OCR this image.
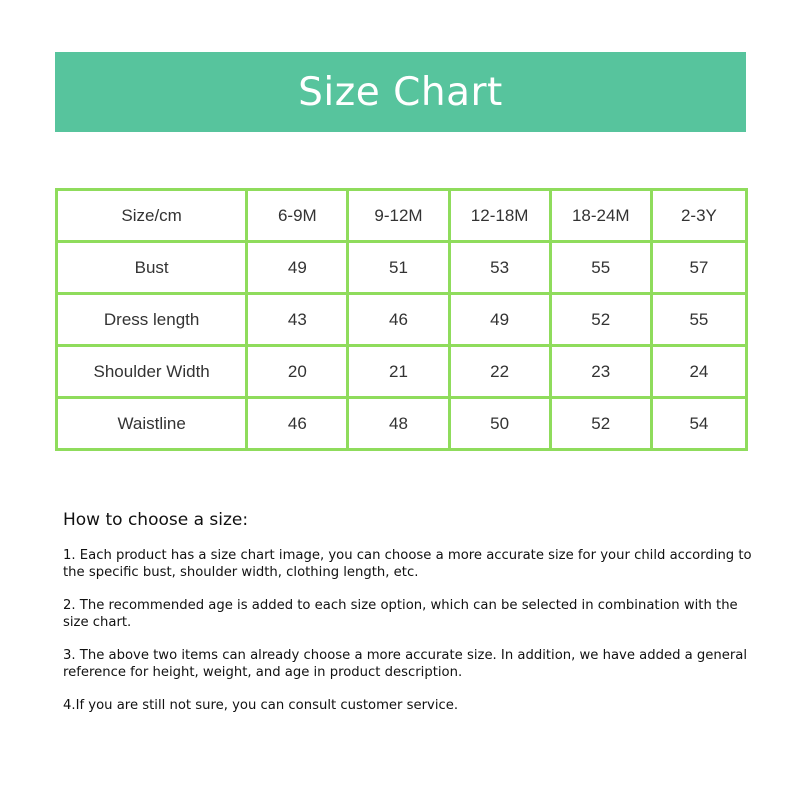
Size Chart
Size/cm	6-9M	9-12M	12-18M	18-24M	2-3Y
Bust	49	51	53	55	57
Dress length	43	46	49	52	55
Shoulder Width	20	21	22	23	24
Waistline	46	48	50	52	54
How to choose a size:

1. Each product has a size chart image, you can choose a more accurate size for your child according to the specific bust, shoulder width, clothing length, etc.

2. The recommended age is added to each size option, which can be selected in combination with the size chart.

3. The above two items can already choose a more accurate size. In addition, we have added a general reference for height, weight, and age in product description.

4.If you are still not sure, you can consult customer service.
